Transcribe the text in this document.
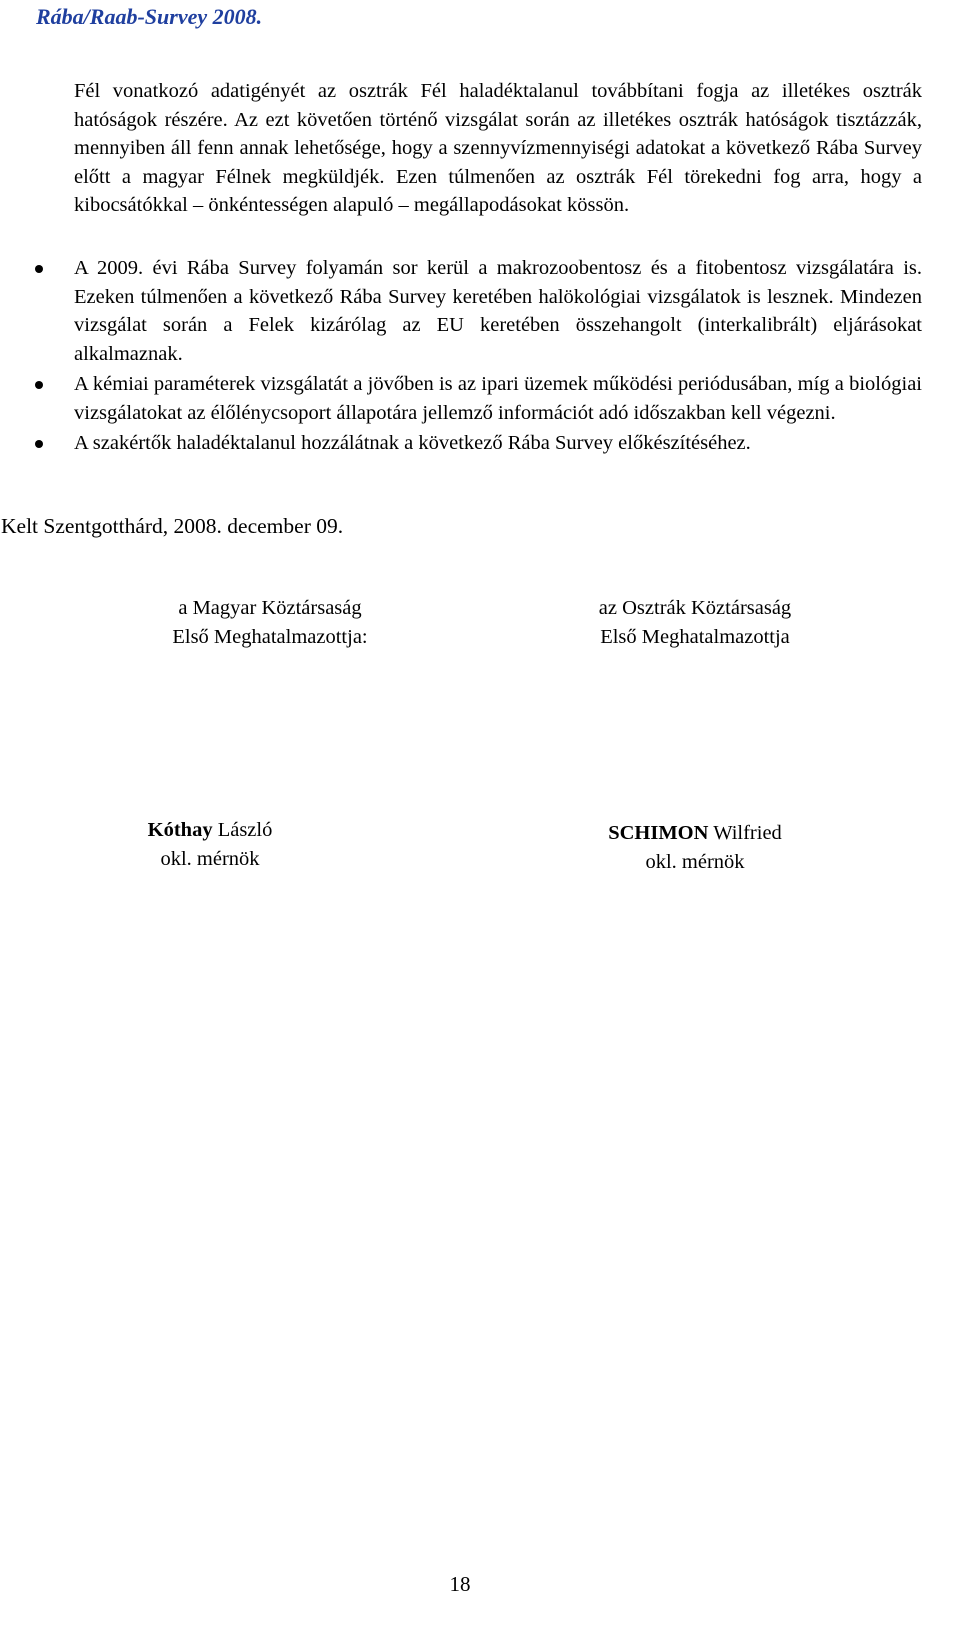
Rába/Raab-Survey 2008.

Fél vonatkozó adatigényét az osztrák Fél haladéktalanul továbbítani fogja az illetékes osztrák hatóságok részére. Az ezt követően történő vizsgálat során az illetékes osztrák hatóságok tisztázzák, mennyiben áll fenn annak lehetősége, hogy a szennyvízmennyiségi adatokat a következő Rába Survey előtt a magyar Félnek megküldjék. Ezen túlmenően az osztrák Fél törekedni fog arra, hogy a kibocsátókkal – önkéntességen alapuló – megállapodásokat kössön.

A 2009. évi Rába Survey folyamán sor kerül a makrozoobentosz és a fitobentosz vizsgálatára is. Ezeken túlmenően a következő Rába Survey keretében halökológiai vizsgálatok is lesznek. Mindezen vizsgálat során a Felek kizárólag az EU keretében összehangolt (interkalibrált) eljárásokat alkalmaznak.
A kémiai paraméterek vizsgálatát a jövőben is az ipari üzemek működési periódusában, míg a biológiai vizsgálatokat az élőlénycsoport állapotára jellemző információt adó időszakban kell végezni.
A szakértők haladéktalanul hozzálátnak a következő Rába Survey előkészítéséhez.
Kelt Szentgotthárd, 2008. december 09.
a Magyar Köztársaság
Első Meghatalmazottja:
az Osztrák Köztársaság
Első Meghatalmazottja
Kóthay László
okl. mérnök
SCHIMON Wilfried
okl. mérnök
18
